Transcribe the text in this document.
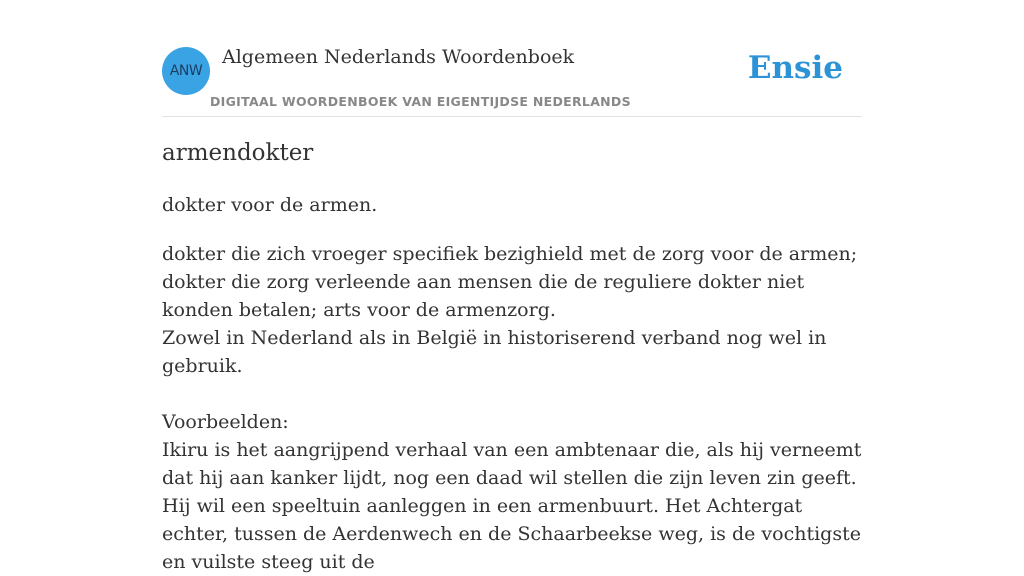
ANW
Algemeen Nederlands Woordenboek
DIGITAAL WOORDENBOEK VAN EIGENTIJDSE NEDERLANDS
Ensie
armendokter
dokter voor de armen.

dokter die zich vroeger specifiek bezighield met de zorg voor de armen; dokter die zorg verleende aan mensen die de reguliere dokter niet konden betalen; arts voor de armenzorg.

Zowel in Nederland als in België in historiserend verband nog wel in gebruik.

Voorbeelden:

Ikiru is het aangrijpend verhaal van een ambtenaar die, als hij verneemt dat hij aan kanker lijdt, nog een daad wil stellen die zijn leven zin geeft. Hij wil een speeltuin aanleggen in een armenbuurt. Het Achtergat echter, tussen de Aerdenwech en de Schaarbeekse weg, is de vochtigste en vuilste steeg uit de
